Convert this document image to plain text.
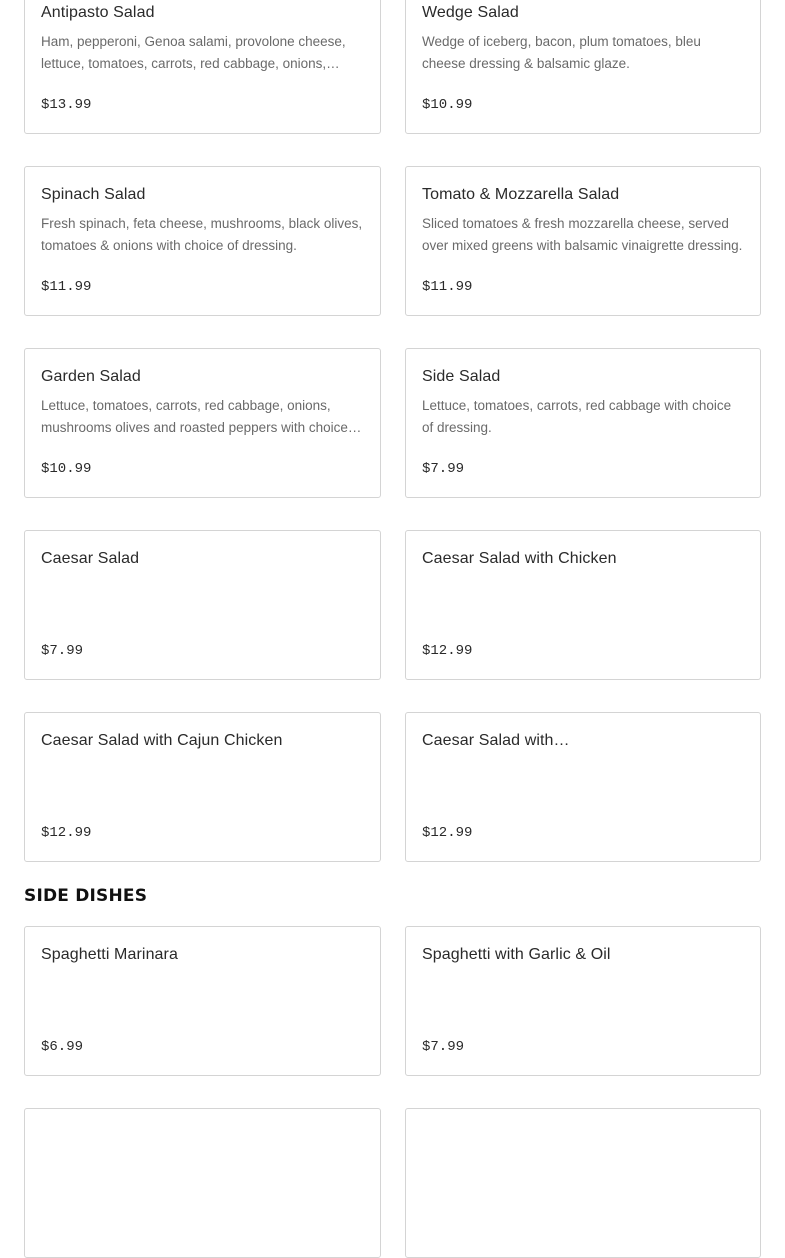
Antipasto Salad
Ham, pepperoni, Genoa salami, provolone cheese, lettuce, tomatoes, carrots, red cabbage, onions,
$13.99
Wedge Salad
Wedge of iceberg, bacon, plum tomatoes, bleu cheese dressing & balsamic glaze.
$10.99
Spinach Salad
Fresh spinach, feta cheese, mushrooms, black olives, tomatoes & onions with choice of dressing.
$11.99
Tomato & Mozzarella Salad
Sliced tomatoes & fresh mozzarella cheese, served over mixed greens with balsamic vinaigrette dressing.
$11.99
Garden Salad
Lettuce, tomatoes, carrots, red cabbage, onions, mushrooms olives and roasted peppers with choice of
$10.99
Side Salad
Lettuce, tomatoes, carrots, red cabbage with choice of dressing.
$7.99
Caesar Salad
$7.99
Caesar Salad with Chicken
$12.99
Caesar Salad with Cajun Chicken
$12.99
Caesar Salad with…
$12.99
SIDE DISHES
Spaghetti Marinara
$6.99
Spaghetti with Garlic & Oil
$7.99
